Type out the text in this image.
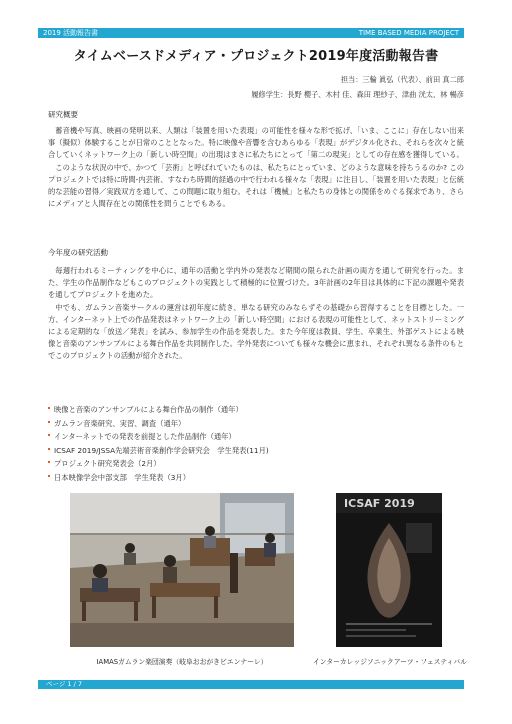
2019 活動報告書	TIME BASED MEDIA PROJECT
タイムベースドメディア・プロジェクト2019年度活動報告書
担当：三輪 眞弘（代表）、前田 真二郎
履修学生：長野 櫻子、木村 佳、森田 理紗子、津曲 洸太、林 暢彦
研究概要

蓄音機や写真、映画の発明以来、人類は「装置を用いた表現」の可能性を様々な形で拡げ、「いま、ここに」存在しない出来事（擬似）体験することが日常のこととなった。特に映像や音響を含むあらゆる「表現」がデジタル化され、それらを次々と統合していくネットワーク上の「新しい時空間」の出現はまさに私たちにとって「第二の現実」としての存在感を獲得している。

このような状況の中で、かつて「芸術」と呼ばれていたものは、私たちにとっていま、どのような意味を持ちうるのか? このプロジェクトでは特に時間-内芸術、すなわち時間的経過の中で行われる様々な「表現」に注目し、「装置を用いた表現」と伝統的な芸能の習得／実践双方を通して、この問題に取り組む。それは「機械」と私たちの身体との関係をめぐる探求であり、さらにメディアと人間存在との関係性を問うことでもある。

今年度の研究活動

毎週行われるミーティングを中心に、通年の活動と学内外の発表など期間の限られた計画の両方を通して研究を行った。また、学生の作品制作などもこのプロジェクトの実践として積極的に位置づけた。3年計画の2年目は具体的に下記の課題や発表を通してプロジェクトを進めた。

中でも、ガムラン音楽サークルの運営は初年度に続き、単なる研究のみならずその基礎から習得することを目標とした。一方、インターネット上での作品発表はネットワーク上の「新しい時空間」における表現の可能性として、ネットストリーミングによる定期的な「放送／発表」を試み、参加学生の作品を発表した。また今年度は教員、学生、卒業生、外部ゲストによる映像と音楽のアンサンブルによる舞台作品を共同制作した。学外発表についても様々な機会に恵まれ、それぞれ異なる条件のもとでこのプロジェクトの活動が紹介された。

映像と音楽のアンサンブルによる舞台作品の制作（通年）
ガムラン音楽研究、実習、調査（通年）
インターネットでの発表を前提とした作品制作（通年）
ICSAF 2019/JSSA先端芸術音楽創作学会研究会　学生発表(11月)
プロジェクト研究発表会（2月）
日本映像学会中部支部　学生発表（3月）
ICSAF 2019
IAMASガムラン楽団演奏（岐阜おおがきビエンナーレ）	インターカレッジソニックアーツ・フェスティバル
ページ 1 / 7
